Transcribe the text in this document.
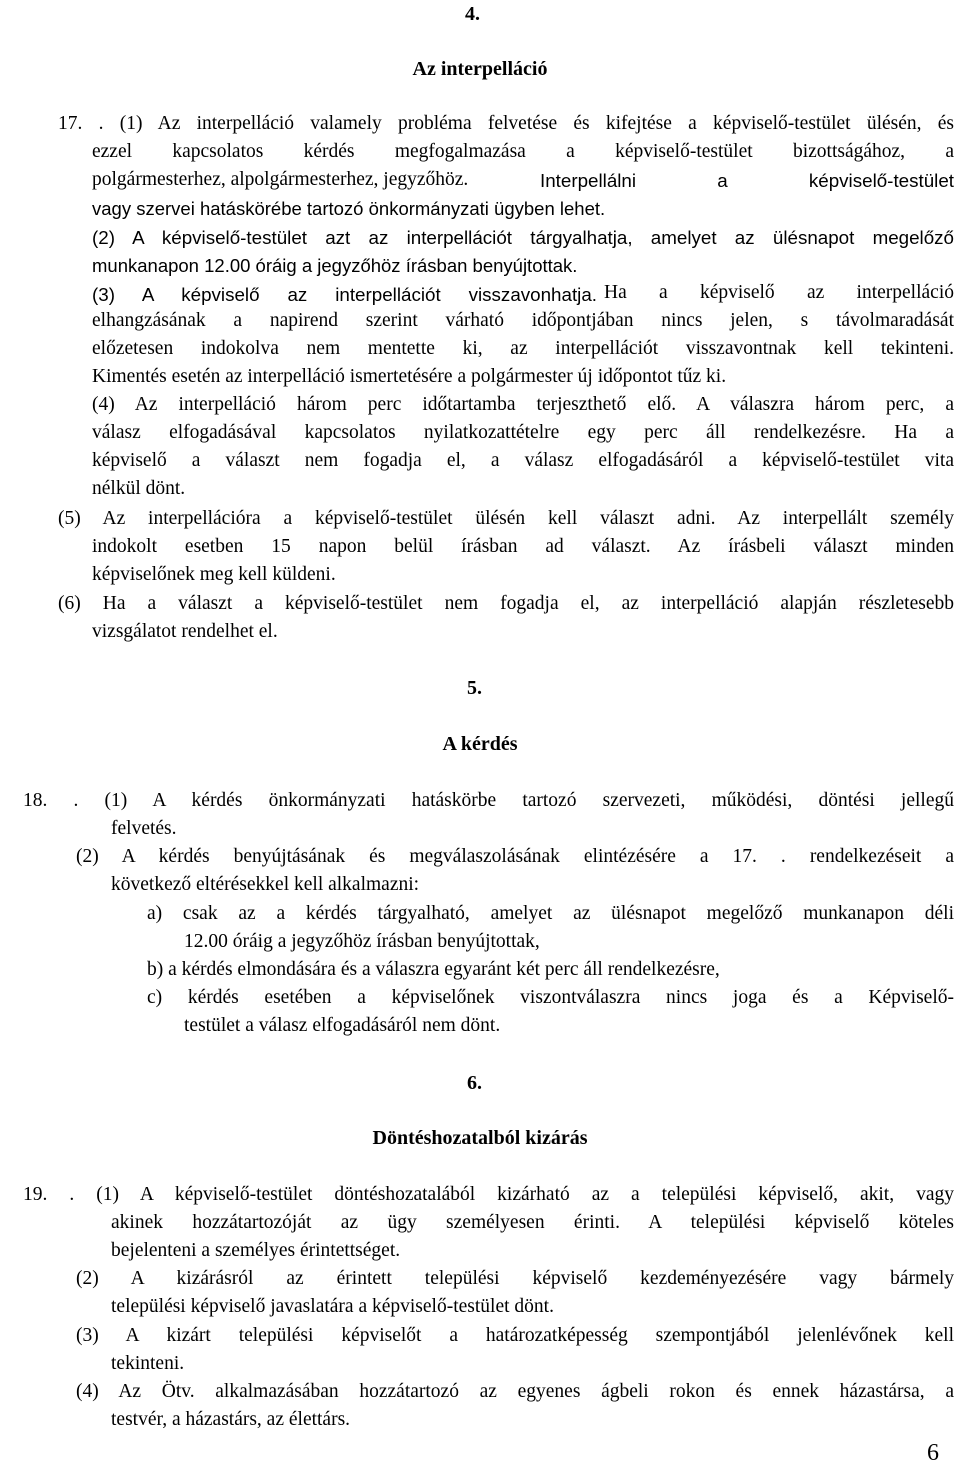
4.
Az interpelláció
17. . (1) Az interpelláció valamely probléma felvetése és kifejtése a képviselő-testület ülésén, és
ezzel kapcsolatos kérdés megfogalmazása a képviselő-testület bizottságához, a
polgármesterhez, alpolgármesterhez, jegyzőhöz.	Interpellálni a képviselő-testület
vagy szervei hatáskörébe tartozó önkormányzati ügyben lehet.
(2) A képviselő-testület azt az interpellációt tárgyalhatja, amelyet az ülésnapot megelőző
munkanapon 12.00 óráig a jegyzőhöz írásban benyújtottak.
(3) A képviselő az interpellációt visszavonhatja. Ha a képviselő az interpelláció
elhangzásának a napirend szerint várható időpontjában nincs jelen, s távolmaradását
előzetesen indokolva nem mentette ki, az interpellációt visszavontnak kell tekinteni.
Kimentés esetén az interpelláció ismertetésére a polgármester új időpontot tűz ki.
(4) Az interpelláció három perc időtartamba terjeszthető elő. A válaszra három perc, a
válasz elfogadásával kapcsolatos nyilatkozattételre egy perc áll rendelkezésre. Ha a
képviselő a választ nem fogadja el, a válasz elfogadásáról a képviselő-testület vita
nélkül dönt.
(5) Az interpellációra a képviselő-testület ülésén kell választ adni. Az interpellált személy
indokolt esetben 15 napon belül írásban ad választ. Az írásbeli választ minden
képviselőnek meg kell küldeni.
(6) Ha a választ a képviselő-testület nem fogadja el, az interpelláció alapján részletesebb
vizsgálatot rendelhet el.
5.
A kérdés
18. . (1) A kérdés önkormányzati hatáskörbe tartozó szervezeti, működési, döntési jellegű
felvetés.
(2) A kérdés benyújtásának és megválaszolásának elintézésére a 17. . rendelkezéseit a
következő eltérésekkel kell alkalmazni:
a) csak az a kérdés tárgyalható, amelyet az ülésnapot megelőző munkanapon déli
12.00 óráig a jegyzőhöz írásban benyújtottak,
b) a kérdés elmondására és a válaszra egyaránt két perc áll rendelkezésre,
c) kérdés esetében a képviselőnek viszontválaszra nincs joga és a Képviselő-
testület a válasz elfogadásáról nem dönt.
6.
Döntéshozatalból kizárás
19. . (1) A képviselő-testület döntéshozatalából kizárható az a települési képviselő, akit, vagy
akinek hozzátartozóját az ügy személyesen érinti. A települési képviselő köteles
bejelenteni a személyes érintettséget.
(2) A kizárásról az érintett települési képviselő kezdeményezésére vagy bármely
települési képviselő javaslatára a képviselő-testület dönt.
(3) A kizárt települési képviselőt a határozatképesség szempontjából jelenlévőnek kell
tekinteni.
(4) Az Ötv. alkalmazásában hozzátartozó az egyenes ágbeli rokon és ennek házastársa, a
testvér, a házastárs, az élettárs.
6
